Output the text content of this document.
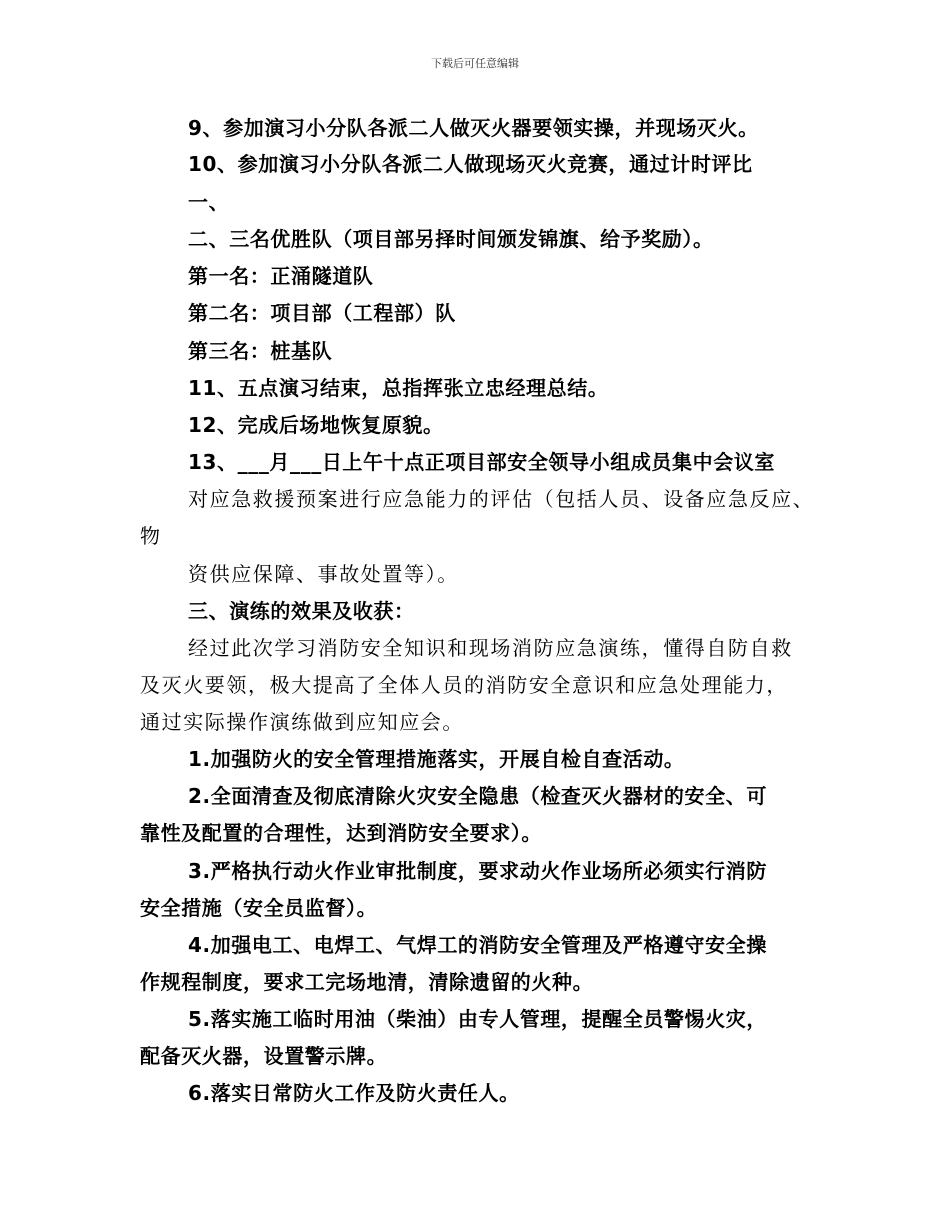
下载后可任意编辑
9、参加演习小分队各派二人做灭火器要领实操，并现场灭火。
10、参加演习小分队各派二人做现场灭火竞赛，通过计时评比
一、
二、三名优胜队（项目部另择时间颁发锦旗、给予奖励）。
第一名：正涌隧道队
第二名：项目部（工程部）队
第三名：桩基队
11、五点演习结束，总指挥张立忠经理总结。
12、完成后场地恢复原貌。
13、___月___日上午十点正项目部安全领导小组成员集中会议室
对应急救援预案进行应急能力的评估（包括人员、设备应急反应、
物
资供应保障、事故处置等）。
三、演练的效果及收获：
经过此次学习消防安全知识和现场消防应急演练，懂得自防自救
及灭火要领，极大提高了全体人员的消防安全意识和应急处理能力，
通过实际操作演练做到应知应会。
1.加强防火的安全管理措施落实，开展自检自查活动。
2.全面清查及彻底清除火灾安全隐患（检查灭火器材的安全、可
靠性及配置的合理性，达到消防安全要求）。
3.严格执行动火作业审批制度，要求动火作业场所必须实行消防
安全措施（安全员监督）。
4.加强电工、电焊工、气焊工的消防安全管理及严格遵守安全操
作规程制度，要求工完场地清，清除遗留的火种。
5.落实施工临时用油（柴油）由专人管理，提醒全员警惕火灾，
配备灭火器，设置警示牌。
6.落实日常防火工作及防火责任人。
